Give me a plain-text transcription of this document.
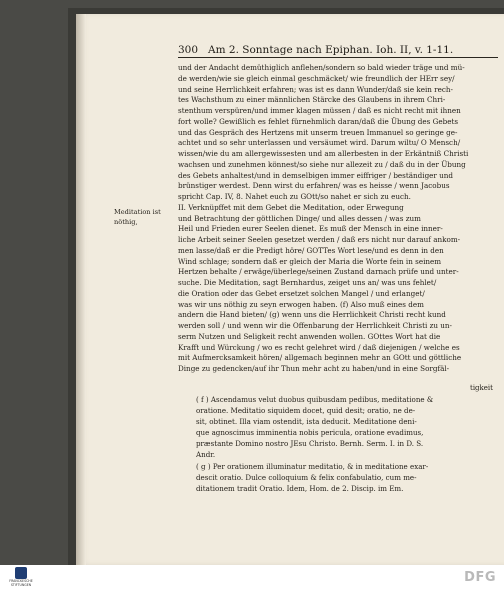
300 Am 2. Sonntage nach Epiphan. Ioh. II, v. 1-11.
Meditation ist
nöthig,
und der Andacht demüthiglich anflehen/sondern so bald wieder träge und mü-
de werden/wie sie gleich einmal geschmäcket/ wie freundlich der HErr sey/
und seine Herrlichkeit erfahren; was ist es dann Wunder/daß sie kein rech-
tes Wachsthum zu einer männlichen Stärcke des Glaubens in ihrem Chri-
stenthum verspüren/und immer klagen müssen / daß es nicht recht mit ihnen
fort wolle? Gewißlich es fehlet fürnehmlich daran/daß die Übung des Gebets
und das Gespräch des Hertzens mit unserm treuen Immanuel so geringe ge-
achtet und so sehr unterlassen und versäumet wird. Darum wiltu/ O Mensch/
wissen/wie du am allergewissesten und am allerbesten in der Erkäntniß Christi
wachsen und zunehmen könnest/so siehe nur allezeit zu / daß du in der Übung
des Gebets anhaltest/und in demselbigen immer eiffriger / beständiger und
brünstiger werdest. Denn wirst du erfahren/ was es heisse / wenn Jacobus
spricht Cap. IV, 8. Nahet euch zu GOtt/so nahet er sich zu euch.
II. Verknüpffet mit dem Gebet die Meditation, oder Erwegung
und Betrachtung der göttlichen Dinge/ und alles dessen / was zum
Heil und Frieden eurer Seelen dienet. Es muß der Mensch in eine inner-
liche Arbeit seiner Seelen gesetzet werden / daß ers nicht nur darauf ankom-
men lasse/daß er die Predigt höre/ GOTTes Wort lese/und es denn in den
Wind schlage; sondern daß er gleich der Maria die Worte fein in seinem
Hertzen behalte / erwäge/überlege/seinen Zustand darnach prüfe und unter-
suche. Die Meditation, sagt Bernhardus, zeiget uns an/ was uns fehlet/
die Oration oder das Gebet ersetzet solchen Mangel / und erlanget/
was wir uns nöthig zu seyn erwogen haben. (f) Also muß eines dem
andern die Hand bieten/ (g) wenn uns die Herrlichkeit Christi recht kund
werden soll / und wenn wir die Offenbarung der Herrlichkeit Christi zu un-
serm Nutzen und Seligkeit recht anwenden wollen. GOttes Wort hat die
Krafft und Würckung / wo es recht gelehret wird / daß diejenigen / welche es
mit Aufmercksamkeit hören/ allgemach beginnen mehr an GOtt und göttliche
Dinge zu gedencken/auf ihr Thun mehr acht zu haben/und in eine Sorgfäl-
tigkeit
( f ) Ascendamus velut duobus quibusdam pedibus, meditatione &
oratione. Meditatio siquidem docet, quid desit; oratio, ne de-
sit, obtinet. Illa viam ostendit, ista deducit. Meditatione deni-
que agnoscimus imminentia nobis pericula, oratione evadimus,
præstante Domino nostro JEsu Christo. Bernh. Serm. I. in D. S.
Andr.
( g ) Per orationem illuminatur meditatio, & in meditatione exar-
descit oratio. Dulce colloquium & felix confabulatio, cum me-
ditationem tradit Oratio. Idem, Hom. de 2. Discip. im Em.
FRANCKESCHE STIFTUNGEN	DFG
